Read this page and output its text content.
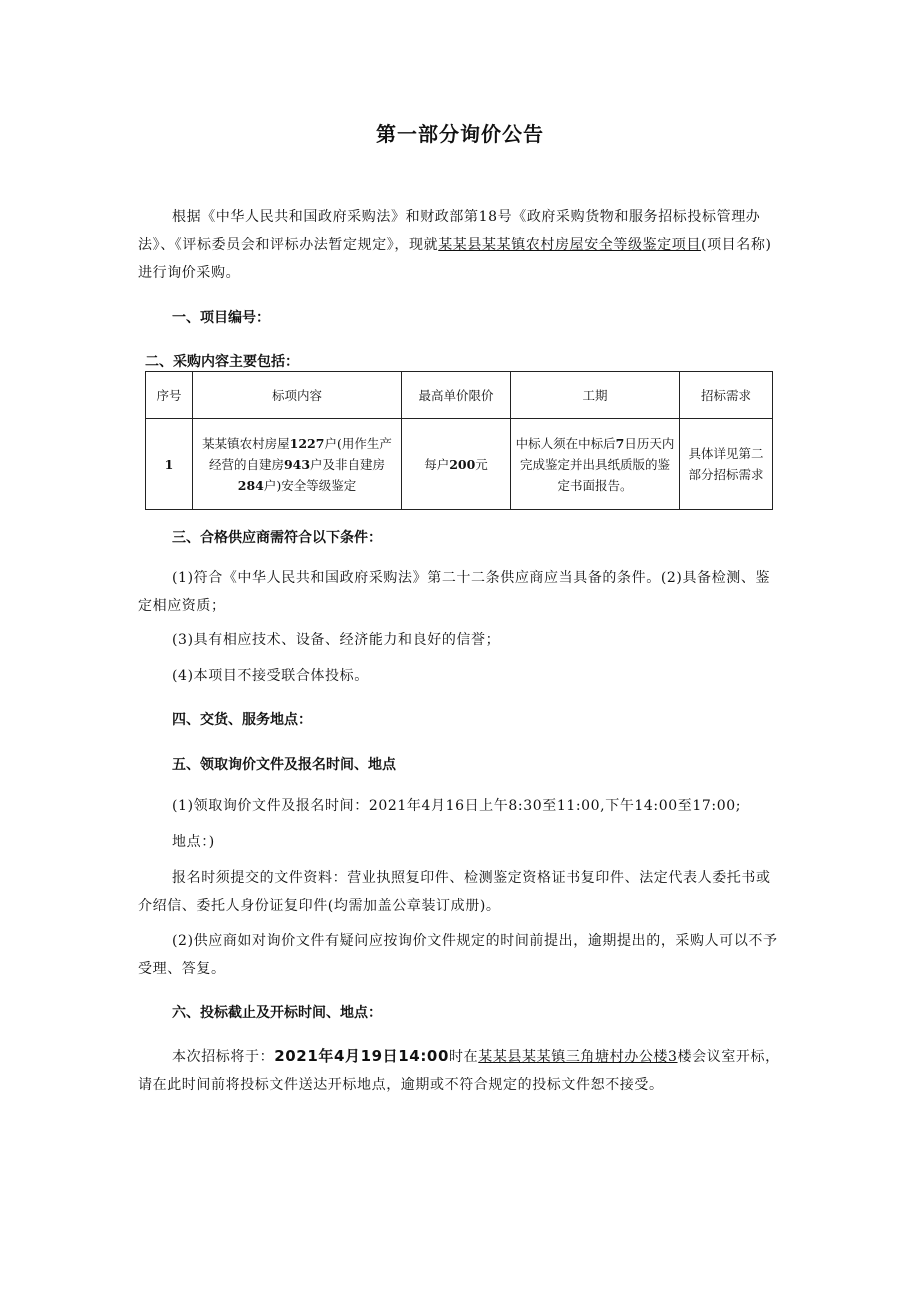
第一部分询价公告
根据《中华人民共和国政府采购法》和财政部第18号《政府采购货物和服务招标投标管理办法》、《评标委员会和评标办法暂定规定》，现就某某县某某镇农村房屋安全等级鉴定项目(项目名称)进行询价采购。
一、项目编号：
二、采购内容主要包括：
序号	标项内容	最高单价限价	工期	招标需求
1	某某镇农村房屋1227户(用作生产经营的自建房943户及非自建房284户)安全等级鉴定	每户200元	中标人须在中标后7日历天内完成鉴定并出具纸质版的鉴定书面报告。	具体详见第二部分招标需求
三、合格供应商需符合以下条件：
(1)符合《中华人民共和国政府采购法》第二十二条供应商应当具备的条件。(2)具备检测、鉴定相应资质；
(3)具有相应技术、设备、经济能力和良好的信誉；
(4)本项目不接受联合体投标。
四、交货、服务地点：
五、领取询价文件及报名时间、地点
(1)领取询价文件及报名时间：2021年4月16日上午8:30至11:00,下午14:00至17:00;
地点：)
报名时须提交的文件资料：营业执照复印件、检测鉴定资格证书复印件、法定代表人委托书或介绍信、委托人身份证复印件(均需加盖公章装订成册)。
(2)供应商如对询价文件有疑问应按询价文件规定的时间前提出，逾期提出的，采购人可以不予受理、答复。
六、投标截止及开标时间、地点：
本次招标将于：2021年4月19日14:00时在某某县某某镇三角塘村办公楼3楼会议室开标，请在此时间前将投标文件送达开标地点，逾期或不符合规定的投标文件恕不接受。
